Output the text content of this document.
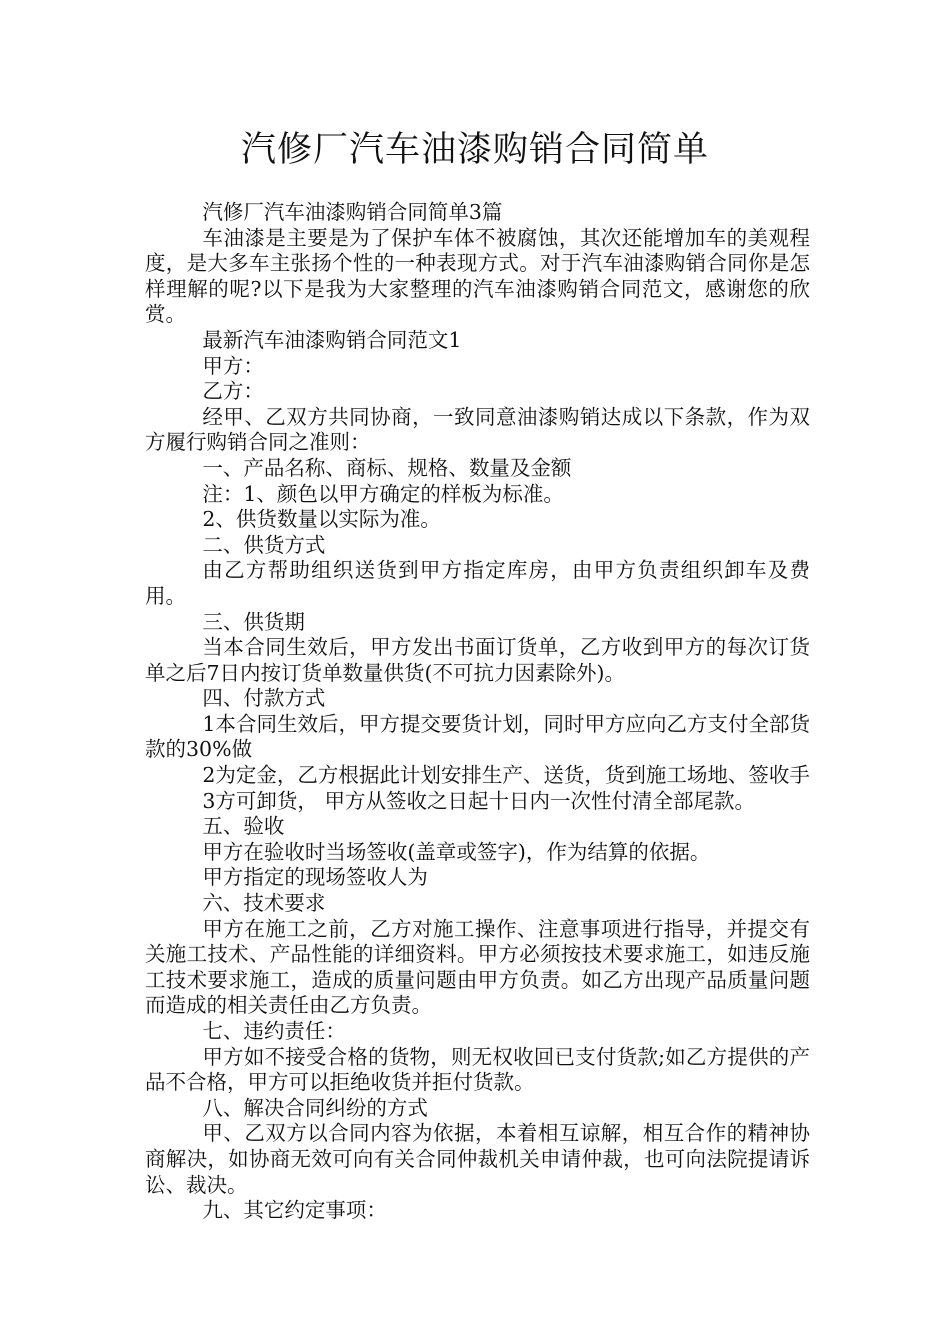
汽修厂汽车油漆购销合同简单

汽修厂汽车油漆购销合同简单3篇

车油漆是主要是为了保护车体不被腐蚀，其次还能增加车的美观程度，是大多车主张扬个性的一种表现方式。对于汽车油漆购销合同你是怎样理解的呢?以下是我为大家整理的汽车油漆购销合同范文，感谢您的欣赏。

最新汽车油漆购销合同范文1

甲方：

乙方：

经甲、乙双方共同协商，一致同意油漆购销达成以下条款，作为双方履行购销合同之准则：

一、产品名称、商标、规格、数量及金额

注：1、颜色以甲方确定的样板为标准。

2、供货数量以实际为准。

二、供货方式

由乙方帮助组织送货到甲方指定库房，由甲方负责组织卸车及费用。

三、供货期

当本合同生效后，甲方发出书面订货单，乙方收到甲方的每次订货单之后7日内按订货单数量供货(不可抗力因素除外)。

四、付款方式

1本合同生效后，甲方提交要货计划，同时甲方应向乙方支付全部货款的30%做

2为定金，乙方根据此计划安排生产、送货，货到施工场地、签收手

3方可卸货， 甲方从签收之日起十日内一次性付清全部尾款。

五、验收

甲方在验收时当场签收(盖章或签字)，作为结算的依据。

甲方指定的现场签收人为

六、技术要求

甲方在施工之前，乙方对施工操作、注意事项进行指导，并提交有关施工技术、产品性能的详细资料。甲方必须按技术要求施工，如违反施工技术要求施工，造成的质量问题由甲方负责。如乙方出现产品质量问题而造成的相关责任由乙方负责。

七、违约责任：

甲方如不接受合格的货物，则无权收回已支付货款;如乙方提供的产品不合格，甲方可以拒绝收货并拒付货款。

八、解决合同纠纷的方式

甲、乙双方以合同内容为依据，本着相互谅解，相互合作的精神协商解决，如协商无效可向有关合同仲裁机关申请仲裁，也可向法院提请诉讼、裁决。

九、其它约定事项：
